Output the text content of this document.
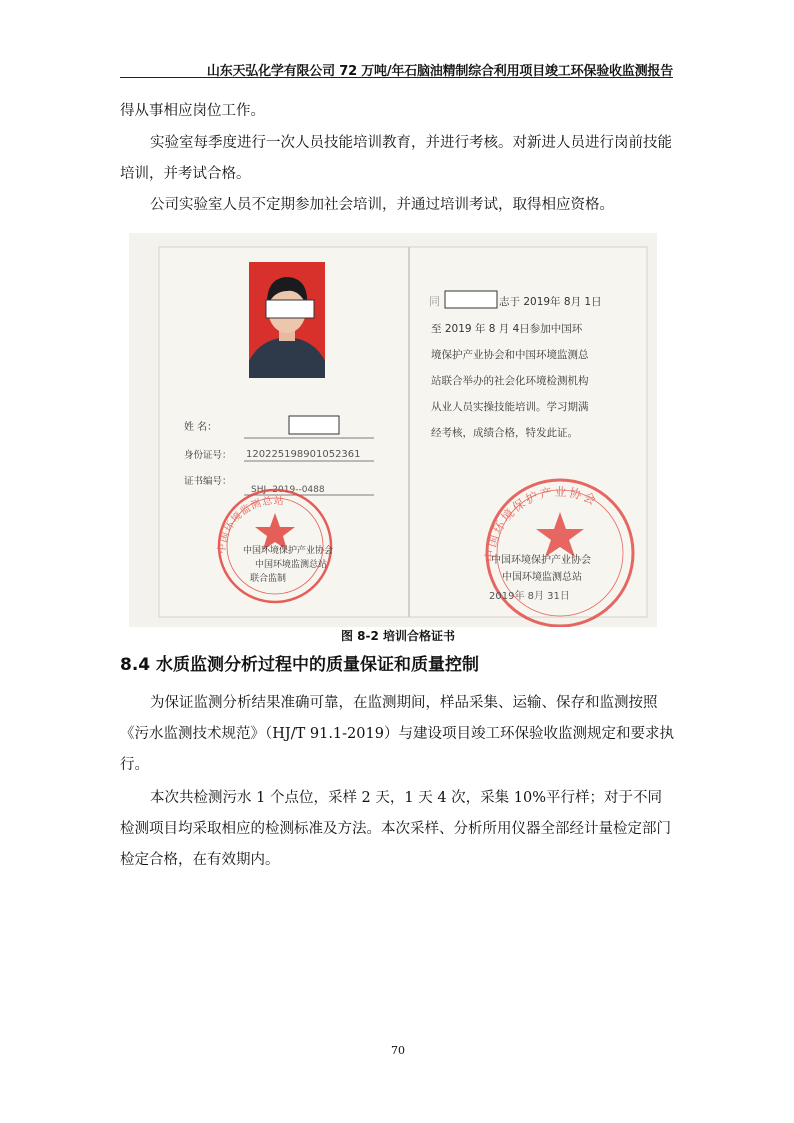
山东天弘化学有限公司 72 万吨/年石脑油精制综合利用项目竣工环保验收监测报告

得从事相应岗位工作。

实验室每季度进行一次人员技能培训教育，并进行考核。对新进人员进行岗前技能培训，并考试合格。

公司实验室人员不定期参加社会培训，并通过培训考试，取得相应资格。

姓 名：
身份证号： 120225198901052361
证书编号：
SHJ--2019--0488
中国环境监测总站
中国环境保护产业协会
中国环境监测总站
联合监制
同	志于 2019年 8月 1日
至 2019 年 8 月 4日参加中国环
境保护产业协会和中国环境监测总
站联合举办的社会化环境检测机构
从业人员实操技能培训。学习期满
经考核，成绩合格，特发此证。
中国环境保护产业协会
中国环境保护产业协会
中国环境监测总站
2019年 8月 31日
图 8-2 培训合格证书
8.4 水质监测分析过程中的质量保证和质量控制

为保证监测分析结果准确可靠，在监测期间，样品采集、运输、保存和监测按照《污水监测技术规范》（HJ/T 91.1-2019）与建设项目竣工环保验收监测规定和要求执行。

本次共检测污水 1 个点位，采样 2 天，1 天 4 次，采集 10%平行样；对于不同检测项目均采取相应的检测标准及方法。本次采样、分析所用仪器全部经计量检定部门检定合格，在有效期内。

70
